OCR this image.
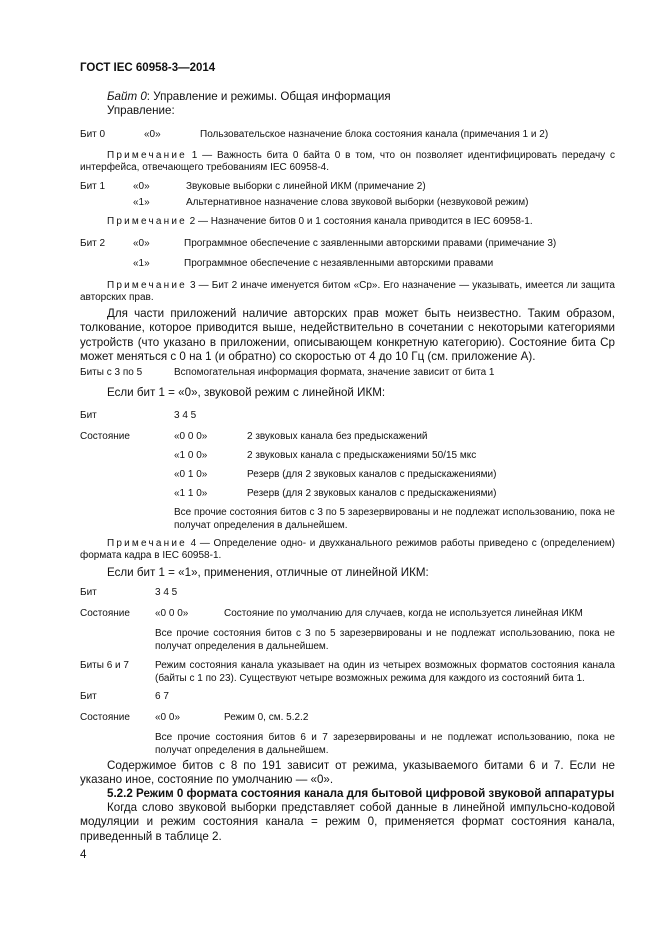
ГОСТ IEC 60958-3—2014
Байт 0: Управление и режимы. Общая информация
Управление:
Бит 0	«0»	Пользовательское назначение блока состояния канала (примечания 1 и 2)
Примечание 1 — Важность бита 0 байта 0 в том, что он позволяет идентифицировать передачу с интерфейса, отвечающего требованиям IEC 60958-4.
Бит 1	«0»	Звуковые выборки с линейной ИКМ (примечание 2)
«1»	Альтернативное назначение слова звуковой выборки (незвуковой режим)
Примечание 2 — Назначение битов 0 и 1 состояния канала приводится в IEC 60958-1.
Бит 2	«0»	Программное обеспечение с заявленными авторскими правами (примечание 3)
«1»	Программное обеспечение с незаявленными авторскими правами
Примечание 3 — Бит 2 иначе именуется битом «Ср». Его назначение — указывать, имеется ли защита авторских прав.
Для части приложений наличие авторских прав может быть неизвестно. Таким образом, толкование, которое приводится выше, недействительно в сочетании с некоторыми категориями устройств (что указано в приложении, описывающем конкретную категорию). Состояние бита Ср может меняться с 0 на 1 (и обратно) со скоростью от 4 до 10 Гц (см. приложение А).
Биты с 3 по 5	Вспомогательная информация формата, значение зависит от бита 1
Если бит 1 = «0», звуковой режим с линейной ИКМ:
Бит	3 4 5
Состояние	«0 0 0»	2 звуковых канала без предыскажений
«1 0 0»	2 звуковых канала с предыскажениями 50/15 мкс
«0 1 0»	Резерв (для 2 звуковых каналов с предыскажениями)
«1 1 0»	Резерв (для 2 звуковых каналов с предыскажениями)
Все прочие состояния битов с 3 по 5 зарезервированы и не подлежат использованию, пока не получат определения в дальнейшем.
Примечание 4 — Определение одно- и двухканального режимов работы приведено с (определением) формата кадра в IEC 60958-1.
Если бит 1 = «1», применения, отличные от линейной ИКМ:
Бит	3 4 5
Состояние	«0 0 0»	Состояние по умолчанию для случаев, когда не используется линейная ИКМ
Все прочие состояния битов с 3 по 5 зарезервированы и не подлежат использованию, пока не получат определения в дальнейшем.
Биты 6 и 7	Режим состояния канала указывает на один из четырех возможных форматов состояния канала (байты с 1 по 23). Существуют четыре возможных режима для каждого из состояний бита 1.
Бит	6 7
Состояние	«0 0»	Режим 0, см. 5.2.2
Все прочие состояния битов 6 и 7 зарезервированы и не подлежат использованию, пока не получат определения в дальнейшем.
Содержимое битов с 8 по 191 зависит от режима, указываемого битами 6 и 7. Если не указано иное, состояние по умолчанию — «0».
5.2.2 Режим 0 формата состояния канала для бытовой цифровой звуковой аппаратуры
Когда слово звуковой выборки представляет собой данные в линейной импульсно-кодовой модуляции и режим состояния канала = режим 0, применяется формат состояния канала, приведенный в таблице 2.
4
